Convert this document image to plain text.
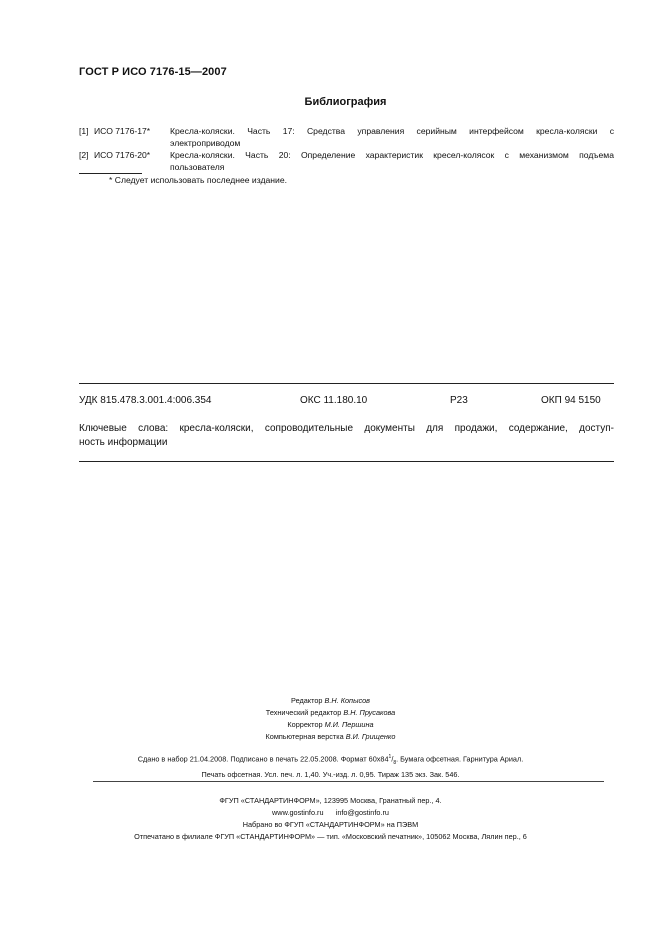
ГОСТ Р ИСО 7176-15—2007
Библиография
[1] ИСО 7176-17* Кресла-коляски. Часть 17: Средства управления серийным интерфейсом кресла-коляски с
электроприводом
[2] ИСО 7176-20* Кресла-коляски. Часть 20: Определение характеристик кресел-колясок с механизмом подъема
пользователя
* Следует использовать последнее издание.
УДК 815.478.3.001.4:006.354	ОКС 11.180.10	Р23	ОКП 94 5150
Ключевые слова: кресла-коляски, сопроводительные документы для продажи, содержание, доступ-
ность информации
Редактор В.Н. Копысов
Технический редактор В.Н. Прусакова
Корректор М.И. Першина
Компьютерная верстка В.И. Грищенко
Сдано в набор 21.04.2008. Подписано в печать 22.05.2008. Формат $60х84^1/_8$. Бумага офсетная. Гарнитура Ариал.
Печать офсетная. Усл. печ. л. 1,40. Уч.-изд. л. 0,95. Тираж 135 экз. Зак. 546.
ФГУП «СТАНДАРТИНФОРМ», 123995 Москва, Гранатный пер., 4.
www.gostinfo.ru info@gostinfo.ru
Набрано во ФГУП «СТАНДАРТИНФОРМ» на ПЭВМ
Отпечатано в филиале ФГУП «СТАНДАРТИНФОРМ» — тип. «Московский печатник», 105062 Москва, Лялин пер., 6
